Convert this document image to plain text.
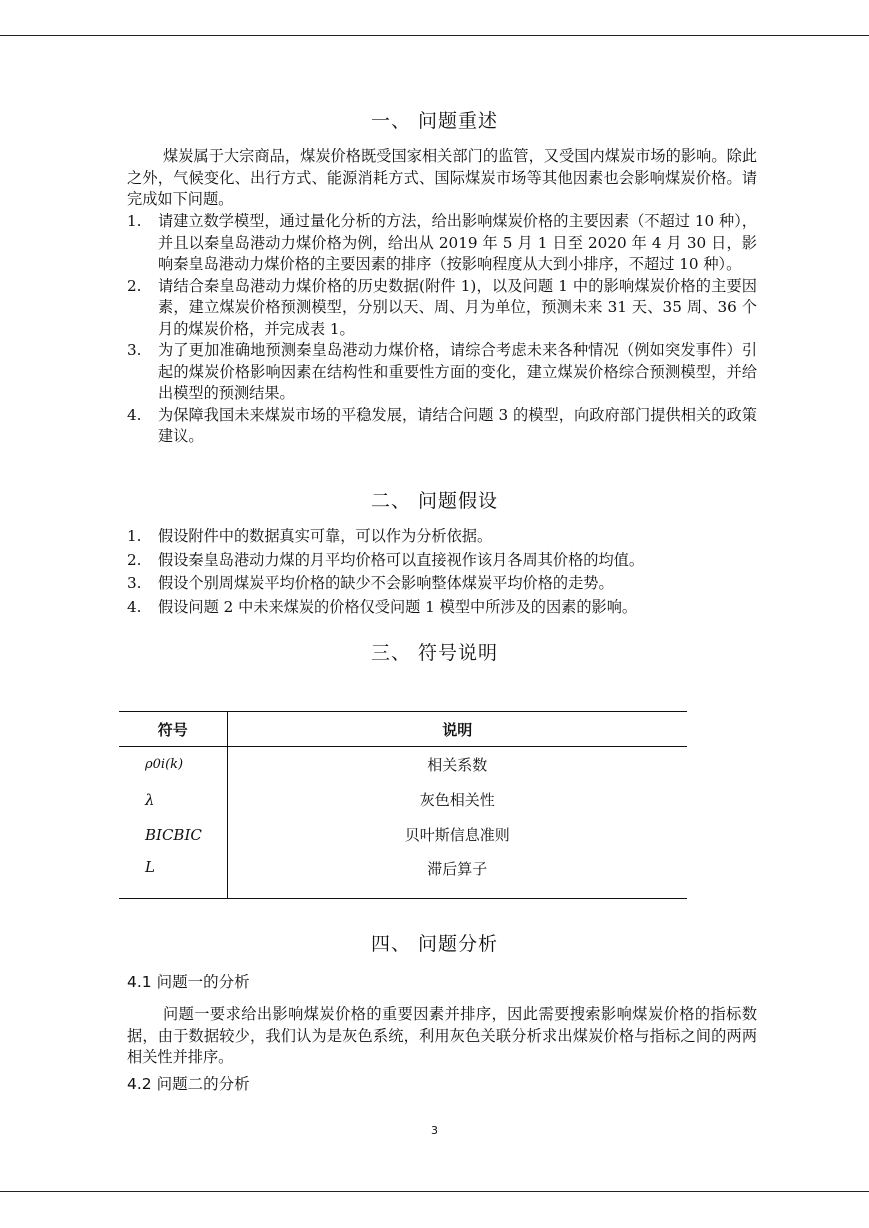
一、 问题重述

煤炭属于大宗商品，煤炭价格既受国家相关部门的监管，又受国内煤炭市场的影响。除此之外，气候变化、出行方式、能源消耗方式、国际煤炭市场等其他因素也会影响煤炭价格。请完成如下问题。

1. 请建立数学模型，通过量化分析的方法，给出影响煤炭价格的主要因素（不超过 10 种），并且以秦皇岛港动力煤价格为例，给出从 2019 年 5 月 1 日至 2020 年 4 月 30 日，影响秦皇岛港动力煤价格的主要因素的排序（按影响程度从大到小排序，不超过 10 种）。
2. 请结合秦皇岛港动力煤价格的历史数据(附件 1)，以及问题 1 中的影响煤炭价格的主要因素，建立煤炭价格预测模型，分别以天、周、月为单位，预测未来 31 天、35 周、36 个月的煤炭价格，并完成表 1。
3. 为了更加准确地预测秦皇岛港动力煤价格，请综合考虑未来各种情况（例如突发事件）引起的煤炭价格影响因素在结构性和重要性方面的变化，建立煤炭价格综合预测模型，并给出模型的预测结果。
4. 为保障我国未来煤炭市场的平稳发展，请结合问题 3 的模型，向政府部门提供相关的政策建议。
二、 问题假设
1. 假设附件中的数据真实可靠，可以作为分析依据。
2. 假设秦皇岛港动力煤的月平均价格可以直接视作该月各周其价格的均值。
3. 假设个别周煤炭平均价格的缺少不会影响整体煤炭平均价格的走势。
4. 假设问题 2 中未来煤炭的价格仅受问题 1 模型中所涉及的因素的影响。
三、 符号说明
符号	说明
ρ0i(k)	相关系数
λ	灰色相关性
BICBIC	贝叶斯信息准则
L	滞后算子
四、 问题分析
4.1 问题一的分析

问题一要求给出影响煤炭价格的重要因素并排序，因此需要搜索影响煤炭价格的指标数据，由于数据较少，我们认为是灰色系统，利用灰色关联分析求出煤炭价格与指标之间的两两相关性并排序。

4.2 问题二的分析
3
